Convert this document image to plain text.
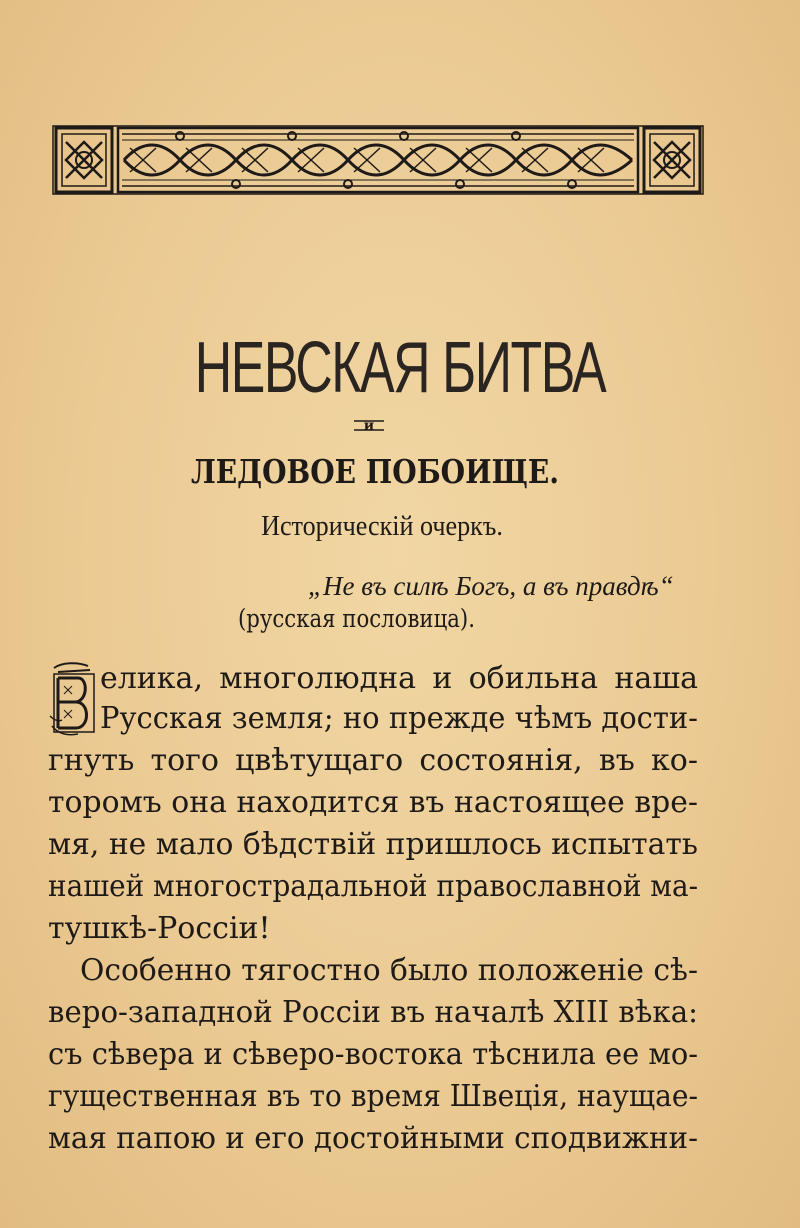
НЕВСКАЯ БИТВА
и
ЛЕДОВОЕ ПОБОИЩЕ.
Историческій очеркъ.
„Не въ силѣ Богъ, а въ правдѣ“
(русская пословица).
елика, многолюдна и обильна наша
Русская земля; но прежде чѣмъ дости-
гнуть того цвѣтущаго состоянія, въ ко-
торомъ она находится въ настоящее вре-
мя, не мало бѣдствій пришлось испытать
нашей многострадальной православной ма-
тушкѣ-Россіи!
Особенно тягостно было положеніе сѣ-
веро-западной Россіи въ началѣ XIII вѣка:
съ сѣвера и сѣверо-востока тѣснила ее мо-
гущественная въ то время Швеція, наущае-
мая папою и его достойными сподвижни-
